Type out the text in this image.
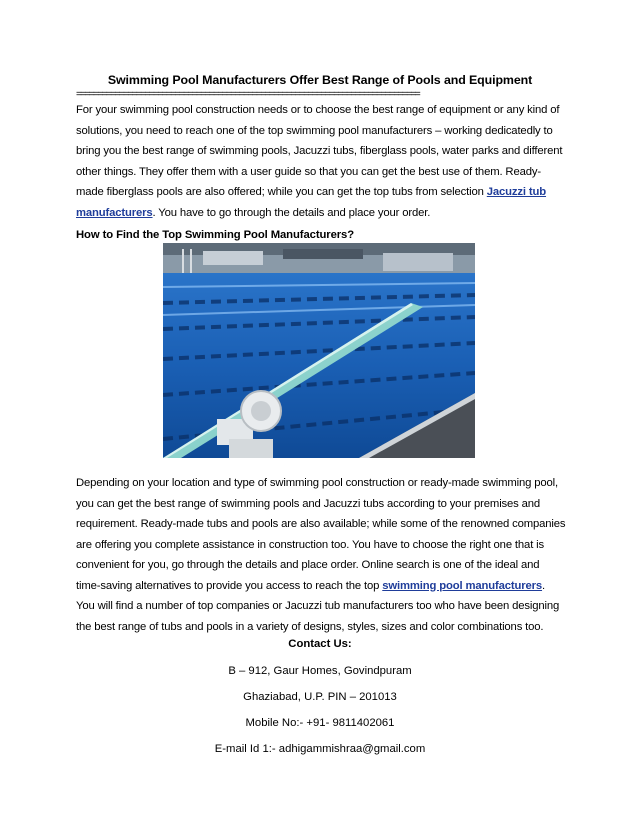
Swimming Pool Manufacturers Offer Best Range of Pools and Equipment

================================================================================

For your swimming pool construction needs or to choose the best range of equipment or any kind of solutions, you need to reach one of the top swimming pool manufacturers – working dedicatedly to bring you the best range of swimming pools, Jacuzzi tubs, fiberglass pools, water parks and different other things. They offer them with a user guide so that you can get the best use of them. Ready-made fiberglass pools are also offered; while you can get the top tubs from selection Jacuzzi tub manufacturers. You have to go through the details and place your order.

How to Find the Top Swimming Pool Manufacturers?

Depending on your location and type of swimming pool construction or ready-made swimming pool, you can get the best range of swimming pools and Jacuzzi tubs according to your premises and requirement. Ready-made tubs and pools are also available; while some of the renowned companies are offering you complete assistance in construction too. You have to choose the right one that is convenient for you, go through the details and place order. Online search is one of the ideal and time-saving alternatives to provide you access to reach the top swimming pool manufacturers. You will find a number of top companies or Jacuzzi tub manufacturers too who have been designing the best range of tubs and pools in a variety of designs, styles, sizes and color combinations too.

Contact Us:

B – 912, Gaur Homes, Govindpuram

Ghaziabad, U.P. PIN – 201013

Mobile No:- +91- 9811402061

E-mail Id 1:- adhigammishraa@gmail.com
